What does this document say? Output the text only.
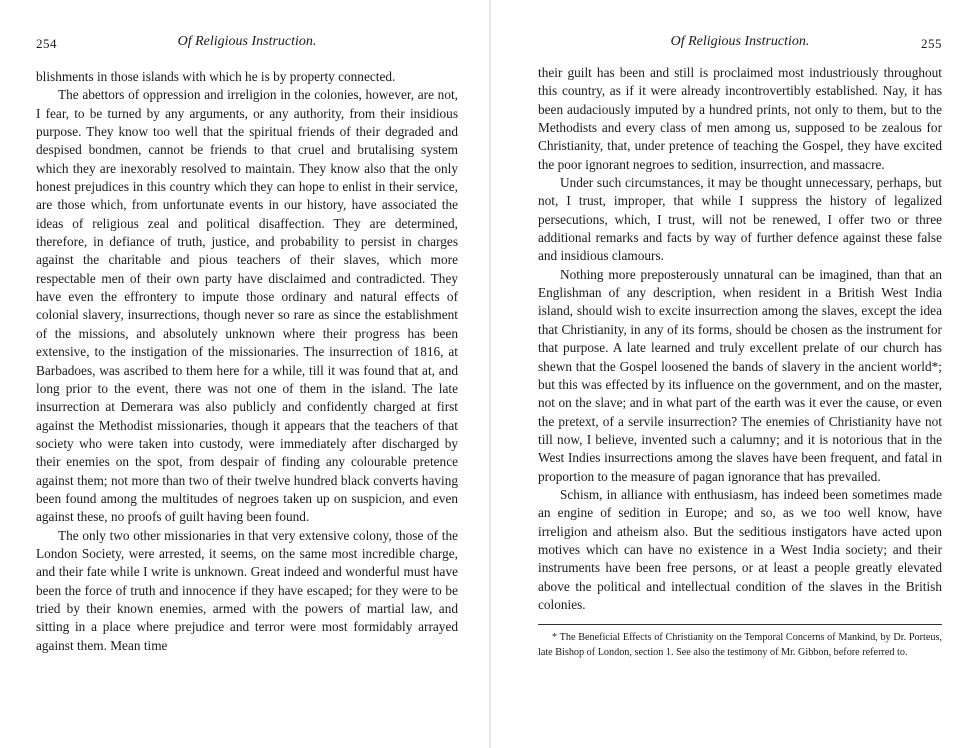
254	Of Religious Instruction.

blishments in those islands with which he is by property connected.

The abettors of oppression and irreligion in the colonies, however, are not, I fear, to be turned by any arguments, or any authority, from their insidious purpose. They know too well that the spiritual friends of their degraded and despised bondmen, cannot be friends to that cruel and brutalising system which they are inexorably resolved to maintain. They know also that the only honest prejudices in this country which they can hope to enlist in their service, are those which, from unfortunate events in our history, have associated the ideas of religious zeal and political disaffection. They are determined, therefore, in defiance of truth, justice, and probability to persist in charges against the charitable and pious teachers of their slaves, which more respectable men of their own party have disclaimed and contradicted. They have even the effrontery to impute those ordinary and natural effects of colonial slavery, insurrections, though never so rare as since the establishment of the missions, and absolutely unknown where their progress has been extensive, to the instigation of the missionaries. The insurrection of 1816, at Barbadoes, was ascribed to them here for a while, till it was found that at, and long prior to the event, there was not one of them in the island. The late insurrection at Demerara was also publicly and confidently charged at first against the Methodist missionaries, though it appears that the teachers of that society who were taken into custody, were immediately after discharged by their enemies on the spot, from despair of finding any colourable pretence against them; not more than two of their twelve hundred black converts having been found among the multitudes of negroes taken up on suspicion, and even against these, no proofs of guilt having been found.

The only two other missionaries in that very extensive colony, those of the London Society, were arrested, it seems, on the same most incredible charge, and their fate while I write is unknown. Great indeed and wonderful must have been the force of truth and innocence if they have escaped; for they were to be tried by their known enemies, armed with the powers of martial law, and sitting in a place where prejudice and terror were most formidably arrayed against them. Mean time

Of Religious Instruction.	255

their guilt has been and still is proclaimed most industriously throughout this country, as if it were already incontrovertibly established. Nay, it has been audaciously imputed by a hundred prints, not only to them, but to the Methodists and every class of men among us, supposed to be zealous for Christianity, that, under pretence of teaching the Gospel, they have excited the poor ignorant negroes to sedition, insurrection, and massacre.

Under such circumstances, it may be thought unnecessary, perhaps, but not, I trust, improper, that while I suppress the history of legalized persecutions, which, I trust, will not be renewed, I offer two or three additional remarks and facts by way of further defence against these false and insidious clamours.

Nothing more preposterously unnatural can be imagined, than that an Englishman of any description, when resident in a British West India island, should wish to excite insurrection among the slaves, except the idea that Christianity, in any of its forms, should be chosen as the instrument for that purpose. A late learned and truly excellent prelate of our church has shewn that the Gospel loosened the bands of slavery in the ancient world*; but this was effected by its influence on the government, and on the master, not on the slave; and in what part of the earth was it ever the cause, or even the pretext, of a servile insurrection? The enemies of Christianity have not till now, I believe, invented such a calumny; and it is notorious that in the West Indies insurrections among the slaves have been frequent, and fatal in proportion to the measure of pagan ignorance that has prevailed.

Schism, in alliance with enthusiasm, has indeed been sometimes made an engine of sedition in Europe; and so, as we too well know, have irreligion and atheism also. But the seditious instigators have acted upon motives which can have no existence in a West India society; and their instruments have been free persons, or at least a people greatly elevated above the political and intellectual condition of the slaves in the British colonies.

* The Beneficial Effects of Christianity on the Temporal Concerns of Mankind, by Dr. Porteus, late Bishop of London, section 1. See also the testimony of Mr. Gibbon, before referred to.
